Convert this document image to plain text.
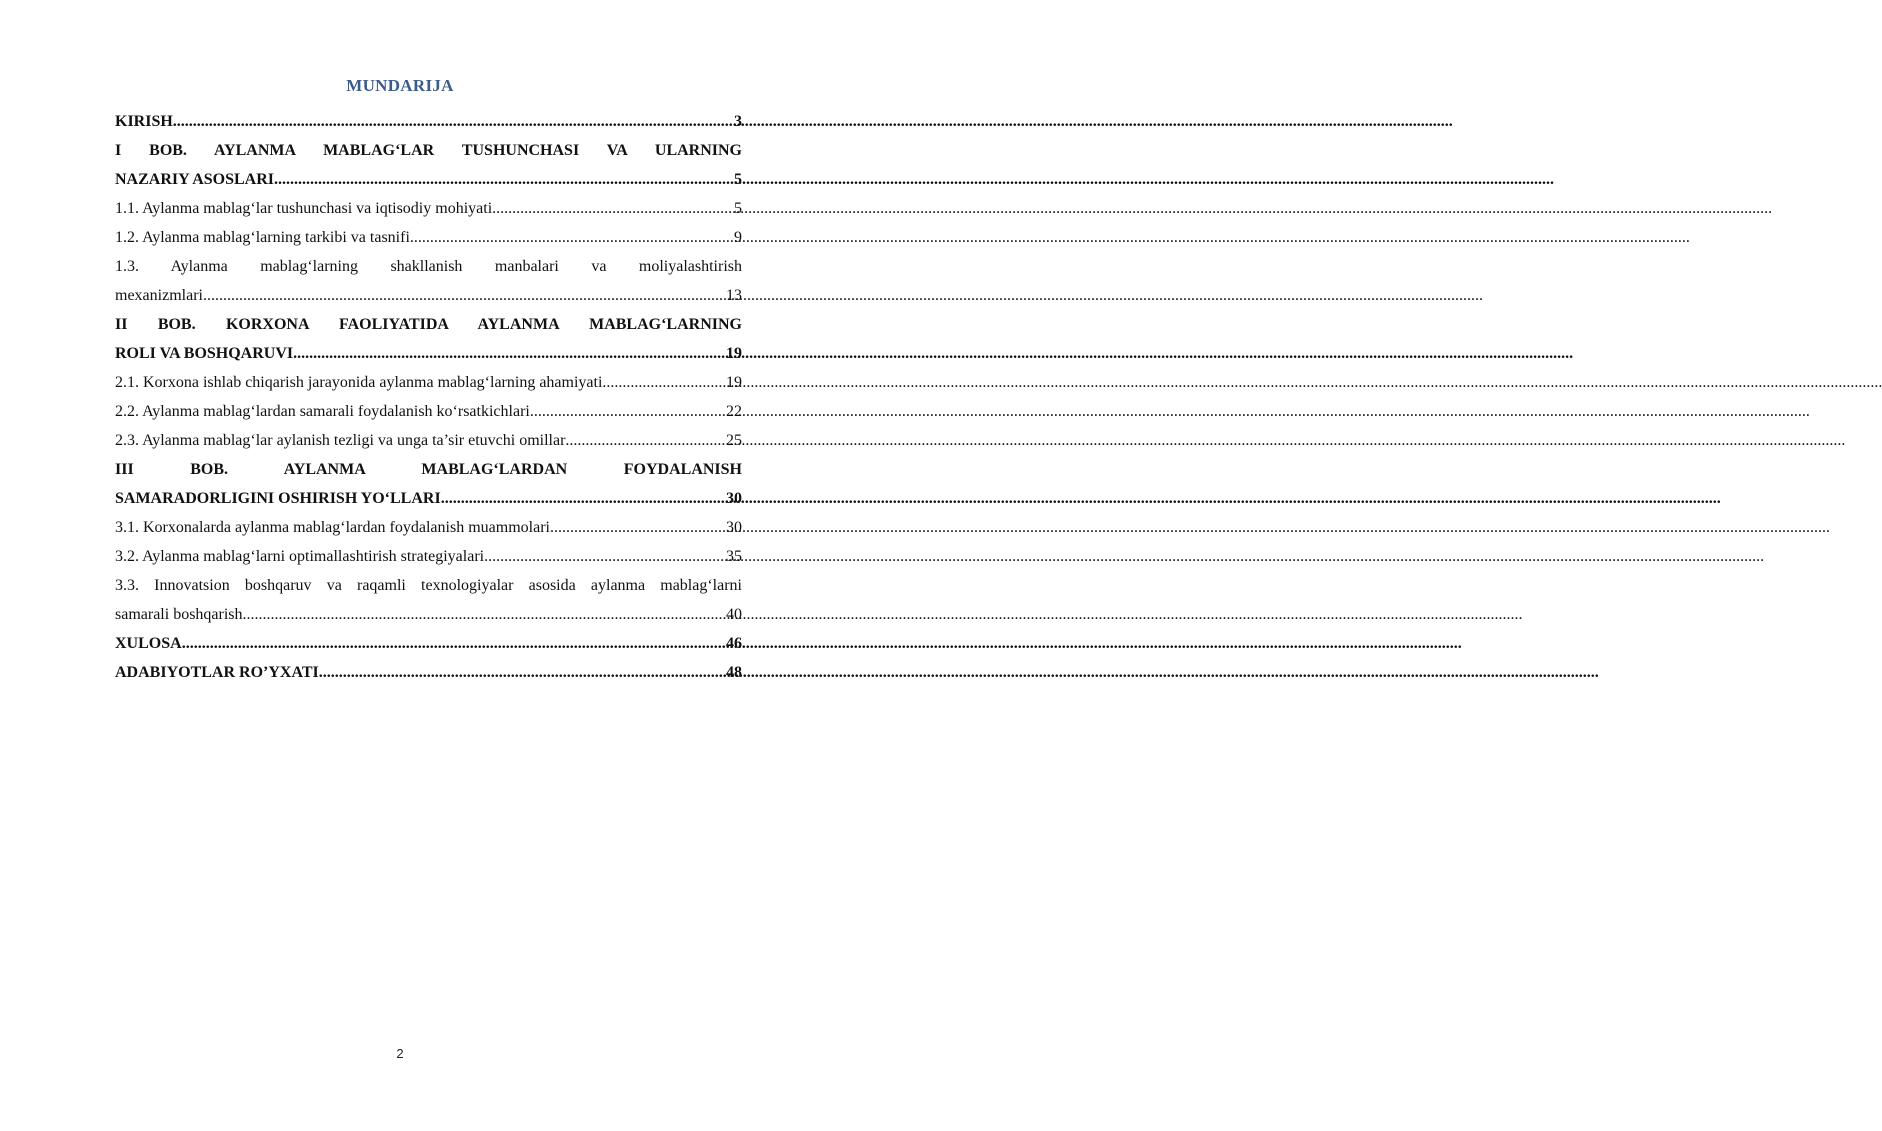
MUNDARIJA
KIRISH .....	3
I BOB. AYLANMA MABLAG‘LAR TUSHUNCHASI VA ULARNING
NAZARIY ASOSLARI .....	5
1.1. Aylanma mablag‘lar tushunchasi va iqtisodiy mohiyati .....	5
1.2. Aylanma mablag‘larning tarkibi va tasnifi .....	9
1.3. Aylanma mablag‘larning shakllanish manbalari va moliyalashtirish
mexanizmlari .....	13
II BOB. KORXONA FAOLIYATIDA AYLANMA MABLAG‘LARNING
ROLI VA BOSHQARUVI .....	19
2.1. Korxona ishlab chiqarish jarayonida aylanma mablag‘larning ahamiyati .....	19
2.2. Aylanma mablag‘lardan samarali foydalanish ko‘rsatkichlari .....	22
2.3. Aylanma mablag‘lar aylanish tezligi va unga ta’sir etuvchi omillar .....	25
III BOB. AYLANMA MABLAG‘LARDAN FOYDALANISH
SAMARADORLIGINI OSHIRISH YO‘LLARI .....	30
3.1. Korxonalarda aylanma mablag‘lardan foydalanish muammolari .....	30
3.2. Aylanma mablag‘larni optimallashtirish strategiyalari .....	35
3.3. Innovatsion boshqaruv va raqamli texnologiyalar asosida aylanma mablag‘larni
samarali boshqarish .....	40
XULOSA .....	46
ADABIYOTLAR RO’YXATI .....	48
2
